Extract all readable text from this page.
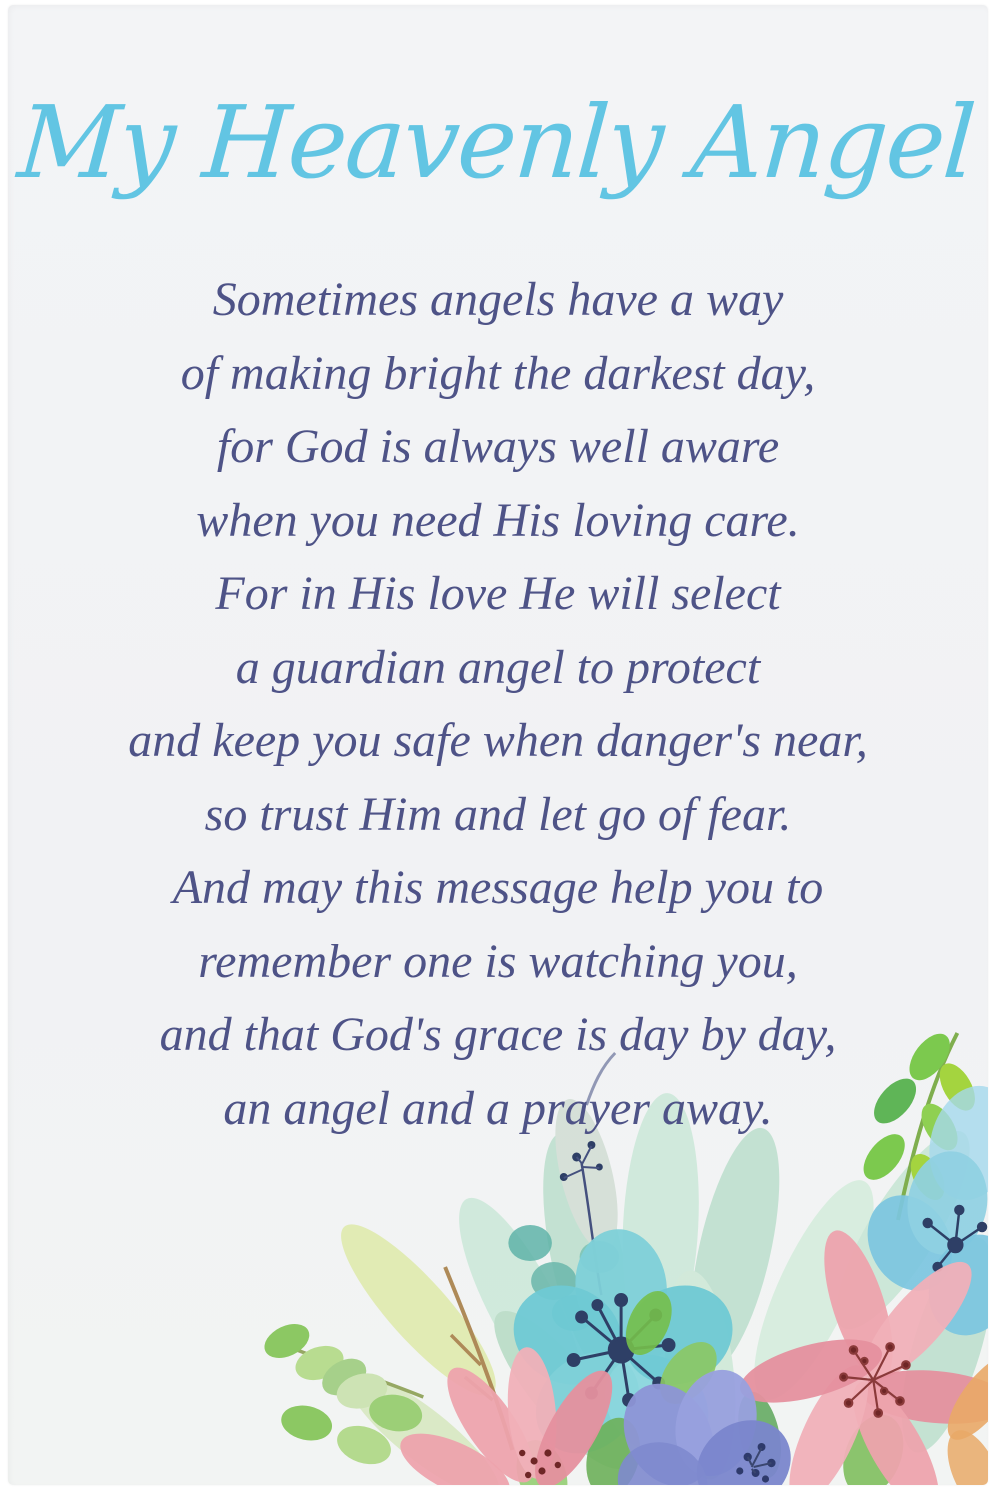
My Heavenly Angel
Sometimes angels have a way
of making bright the darkest day,
for God is always well aware
when you need His loving care.
For in His love He will select
a guardian angel to protect
and keep you safe when danger's near,
so trust Him and let go of fear.
And may this message help you to
remember one is watching you,
and that God's grace is day by day,
an angel and a prayer away.
